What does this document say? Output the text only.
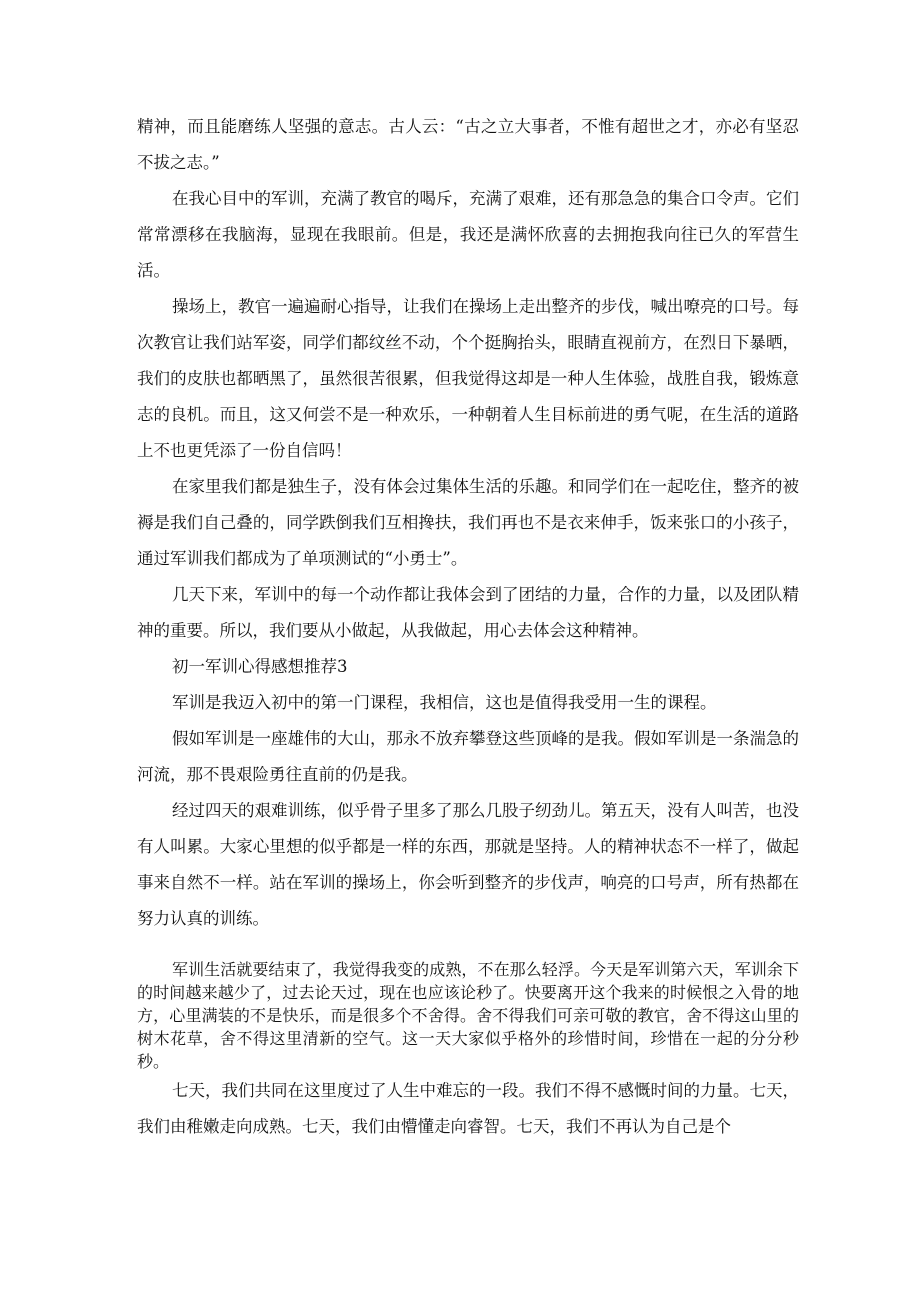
精神，而且能磨练人坚强的意志。古人云：“古之立大事者，不惟有超世之才，亦必有坚忍不拔之志。”

在我心目中的军训，充满了教官的喝斥，充满了艰难，还有那急急的集合口令声。它们常常漂移在我脑海，显现在我眼前。但是，我还是满怀欣喜的去拥抱我向往已久的军营生活。

操场上，教官一遍遍耐心指导，让我们在操场上走出整齐的步伐，喊出嘹亮的口号。每次教官让我们站军姿，同学们都纹丝不动，个个挺胸抬头，眼睛直视前方，在烈日下暴晒，我们的皮肤也都晒黑了，虽然很苦很累，但我觉得这却是一种人生体验，战胜自我，锻炼意志的良机。而且，这又何尝不是一种欢乐，一种朝着人生目标前进的勇气呢，在生活的道路上不也更凭添了一份自信吗！

在家里我们都是独生子，没有体会过集体生活的乐趣。和同学们在一起吃住，整齐的被褥是我们自己叠的，同学跌倒我们互相搀扶，我们再也不是衣来伸手，饭来张口的小孩子，通过军训我们都成为了单项测试的“小勇士”。

几天下来，军训中的每一个动作都让我体会到了团结的力量，合作的力量，以及团队精神的重要。所以，我们要从小做起，从我做起，用心去体会这种精神。

初一军训心得感想推荐3

军训是我迈入初中的第一门课程，我相信，这也是值得我受用一生的课程。

假如军训是一座雄伟的大山，那永不放弃攀登这些顶峰的是我。假如军训是一条湍急的河流，那不畏艰险勇往直前的仍是我。

经过四天的艰难训练，似乎骨子里多了那么几股子纫劲儿。第五天，没有人叫苦，也没有人叫累。大家心里想的似乎都是一样的东西，那就是坚持。人的精神状态不一样了，做起事来自然不一样。站在军训的操场上，你会听到整齐的步伐声，响亮的口号声，所有热都在努力认真的训练。

军训生活就要结束了，我觉得我变的成熟，不在那么轻浮。今天是军训第六天，军训余下的时间越来越少了，过去论天过，现在也应该论秒了。快要离开这个我来的时候恨之入骨的地方，心里满装的不是快乐，而是很多个不舍得。舍不得我们可亲可敬的教官，舍不得这山里的树木花草，舍不得这里清新的空气。这一天大家似乎格外的珍惜时间，珍惜在一起的分分秒秒。

七天，我们共同在这里度过了人生中难忘的一段。我们不得不感慨时间的力量。七天，我们由稚嫩走向成熟。七天，我们由懵懂走向睿智。七天，我们不再认为自己是个
